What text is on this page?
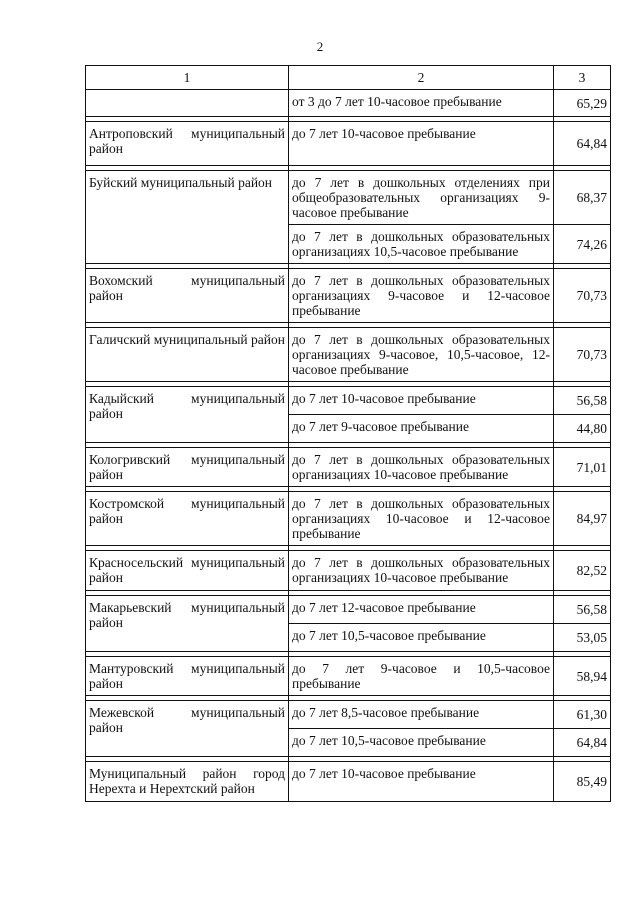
2
1	2	3
	от 3 до 7 лет 10-часовое пребывание	65,29

Антроповский муниципальный район	до 7 лет 10-часовое пребывание	64,84

Буйский муниципальный район	до 7 лет в дошкольных отделениях при общеобразовательных организациях 9-часовое пребывание	68,37
	до 7 лет в дошкольных образовательных организациях 10,5-часовое пребывание	74,26

Вохомский муниципальный район	до 7 лет в дошкольных образовательных организациях 9-часовое и 12-часовое пребывание	70,73

Галичский муниципальный район	до 7 лет в дошкольных образовательных организациях 9-часовое, 10,5-часовое, 12-часовое пребывание	70,73

Кадыйский муниципальный район	до 7 лет 10-часовое пребывание	56,58
	до 7 лет 9-часовое пребывание	44,80

Кологривский муниципальный район	до 7 лет в дошкольных образовательных организациях 10-часовое пребывание	71,01

Костромской муниципальный район	до 7 лет в дошкольных образовательных организациях 10-часовое и 12-часовое пребывание	84,97

Красносельский муниципальный район	до 7 лет в дошкольных образовательных организациях 10-часовое пребывание	82,52

Макарьевский муниципальный район	до 7 лет 12-часовое пребывание	56,58
	до 7 лет 10,5-часовое пребывание	53,05

Мантуровский муниципальный район	до 7 лет 9-часовое и 10,5-часовое пребывание	58,94

Межевской муниципальный район	до 7 лет 8,5-часовое пребывание	61,30
	до 7 лет 10,5-часовое пребывание	64,84

Муниципальный район город Нерехта и Нерехтский район	до 7 лет 10-часовое пребывание	85,49
